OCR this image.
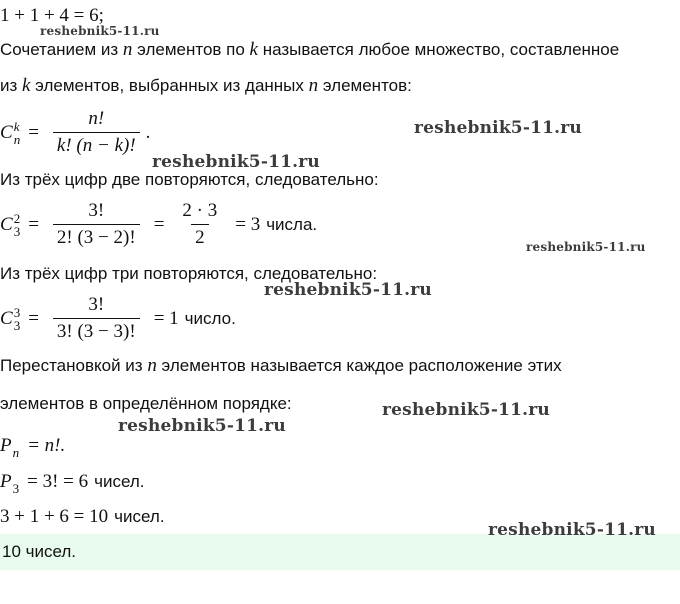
1 + 1 + 4 = 6;
Сочетанием из n элементов по k называется любое множество, составленное
из k элементов, выбранных из данных n элементов:
C k
$n = \frac{n!}{k! (n - k)!}$ .
Из трёх цифр две повторяются, следовательно:
C 2
$3 = \frac{3!}{2! (3 - 2)!} = \frac{2 \cdot 3}{2} = 3$ числа.
Из трёх цифр три повторяются, следовательно:
C 3
$3 = \frac{3!}{3! (3 - 3)!} = 1$ число.
Перестановкой из n элементов называется каждое расположение этих
элементов в определённом порядке:
P n = n!.
P 3 = 3! = 6 чисел.
3 + 1 + 6 = 10 чисел.
10 чисел.
reshebnik5-11.ru
reshebnik5-11.ru
reshebnik5-11.ru
reshebnik5-11.ru
reshebnik5-11.ru
reshebnik5-11.ru
reshebnik5-11.ru
reshebnik5-11.ru
